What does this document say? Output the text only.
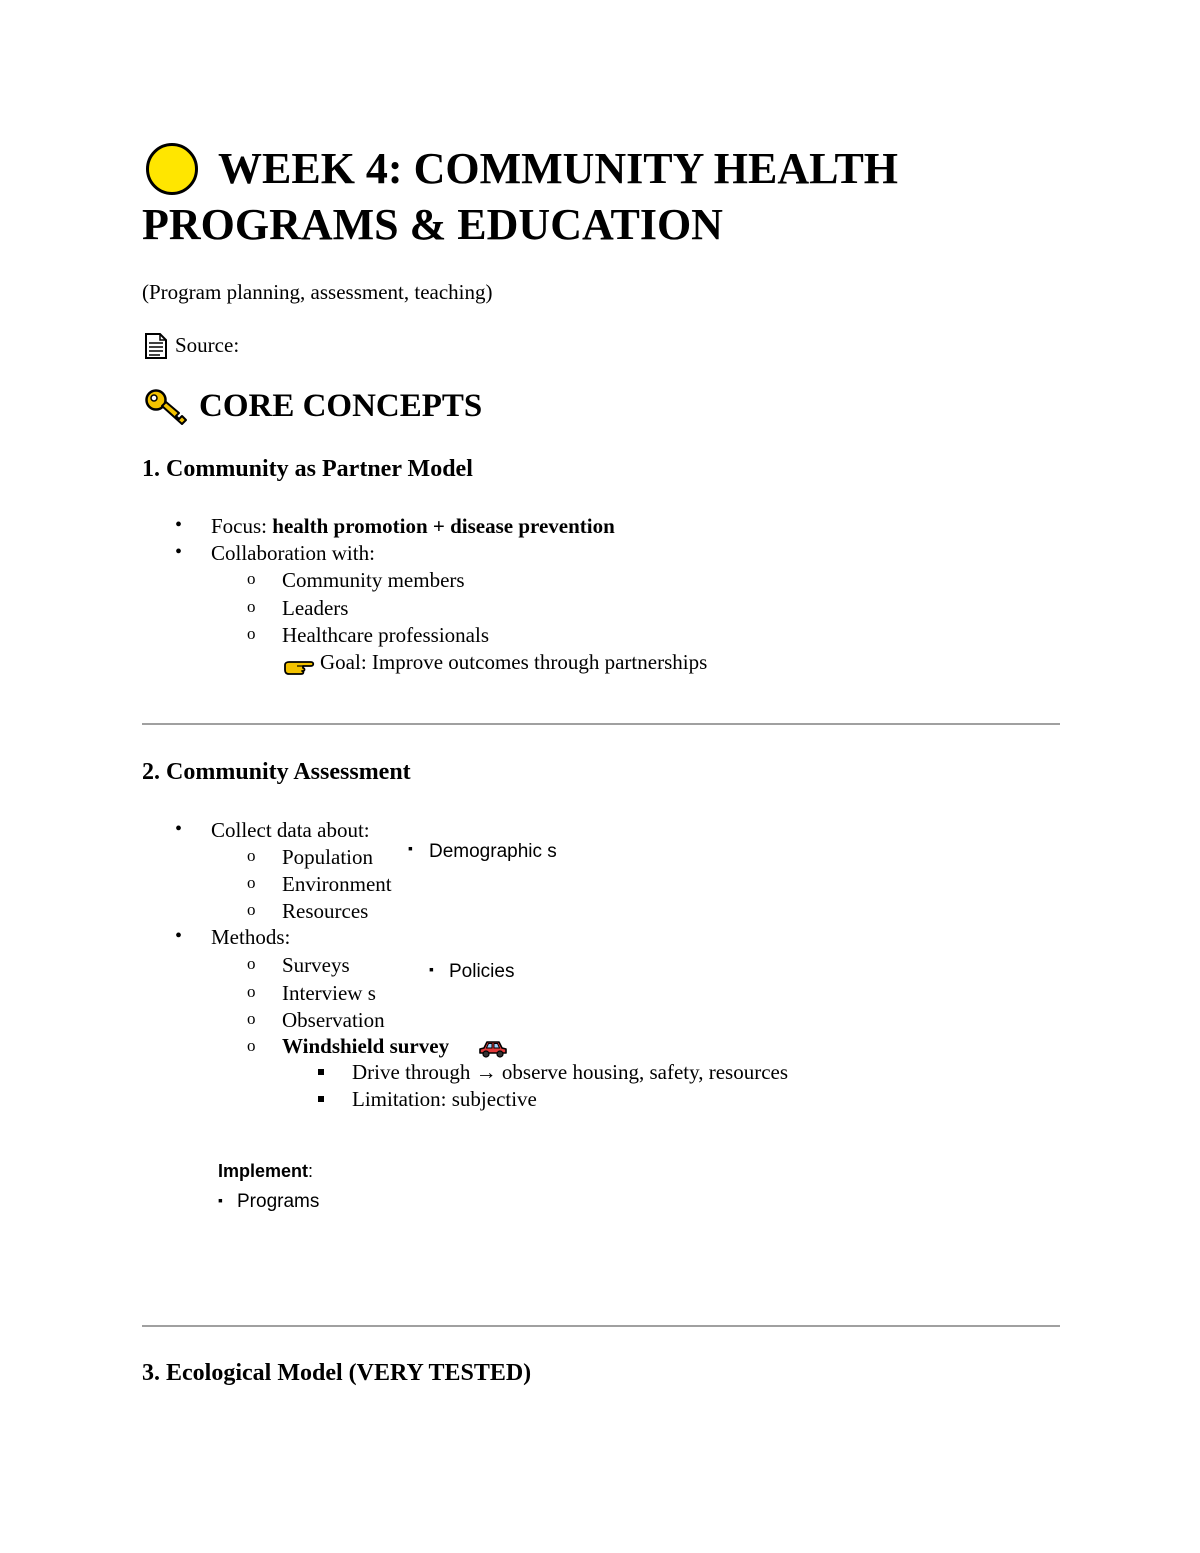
WEEK 4: COMMUNITY HEALTH
PROGRAMS & EDUCATION
(Program planning, assessment, teaching)
Source:
CORE CONCEPTS
1. Community as Partner Model
• Focus: health promotion + disease prevention
• Collaboration with:
o Community members
o Leaders
o Healthcare professionals
Goal: Improve outcomes through partnerships
2. Community Assessment
• Collect data about:
o Population
o Environment
o Resources
▪ Demographic s
• Methods:
o Surveys
o Interview s
o Observation
o Windshield survey
▪ Policies
Drive through → observe housing, safety, resources
Limitation: subjective
Implement:
▪ Programs
3. Ecological Model (VERY TESTED)
